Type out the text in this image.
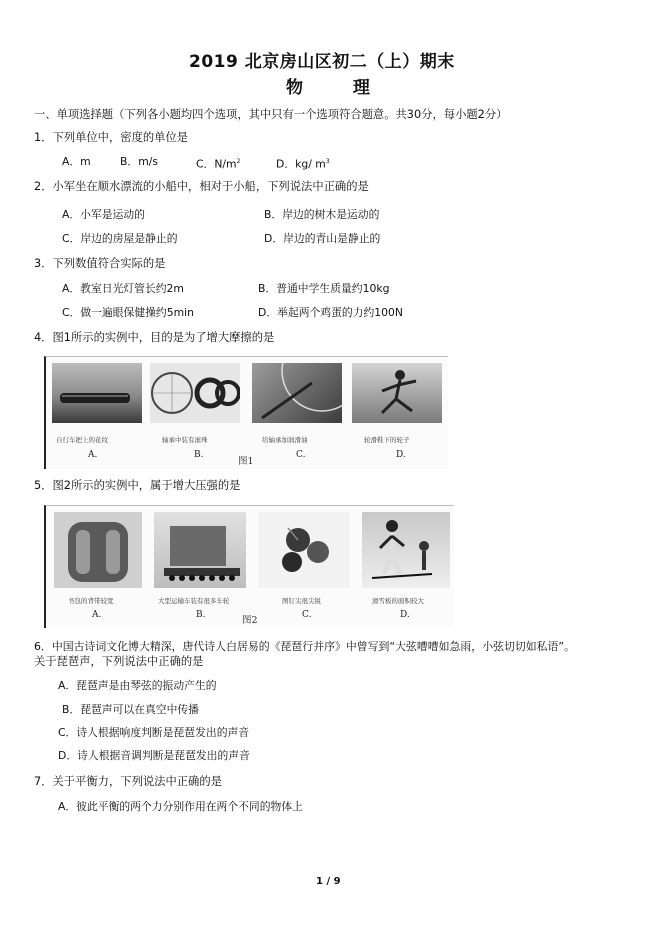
2019 北京房山区初二（上）期末
物 理
一、单项选择题（下列各小题均四个选项，其中只有一个选项符合题意。共30分，每小题2分）
1．下列单位中，密度的单位是
A．m	B．m/s	C．$N/m^2$	D．kg/ $m^3$
2．小军坐在顺水漂流的小船中，相对于小船，下列说法中正确的是
A．小军是运动的	B．岸边的树木是运动的
C．岸边的房屋是静止的	D．岸边的青山是静止的
3．下列数值符合实际的是
A．教室日光灯管长约2m	B．普通中学生质量约10kg
C．做一遍眼保健操约5min	D．举起两个鸡蛋的力约100N
4．图1所示的实例中，目的是为了增大摩擦的是
自行车把上的花纹
A.
轴承中装有滚珠
B.
给轴承加润滑油
C.
轮滑鞋下的轮子
D.
图1
5．图2所示的实例中，属于增大压强的是
书包的背带较宽
A.
大型运输车装有很多车轮
B.
图钉尖很尖锐
C.
滑雪板的面积较大
D.
图2
6．中国古诗词文化博大精深，唐代诗人白居易的《琵琶行并序》中曾写到“大弦嘈嘈如急雨，小弦切切如私语”。
关于琵琶声，下列说法中正确的是
A．琵琶声是由琴弦的振动产生的
B．琵琶声可以在真空中传播
C．诗人根据响度判断是琵琶发出的声音
D．诗人根据音调判断是琵琶发出的声音
7．关于平衡力，下列说法中正确的是
A．彼此平衡的两个力分别作用在两个不同的物体上
1 / 9
